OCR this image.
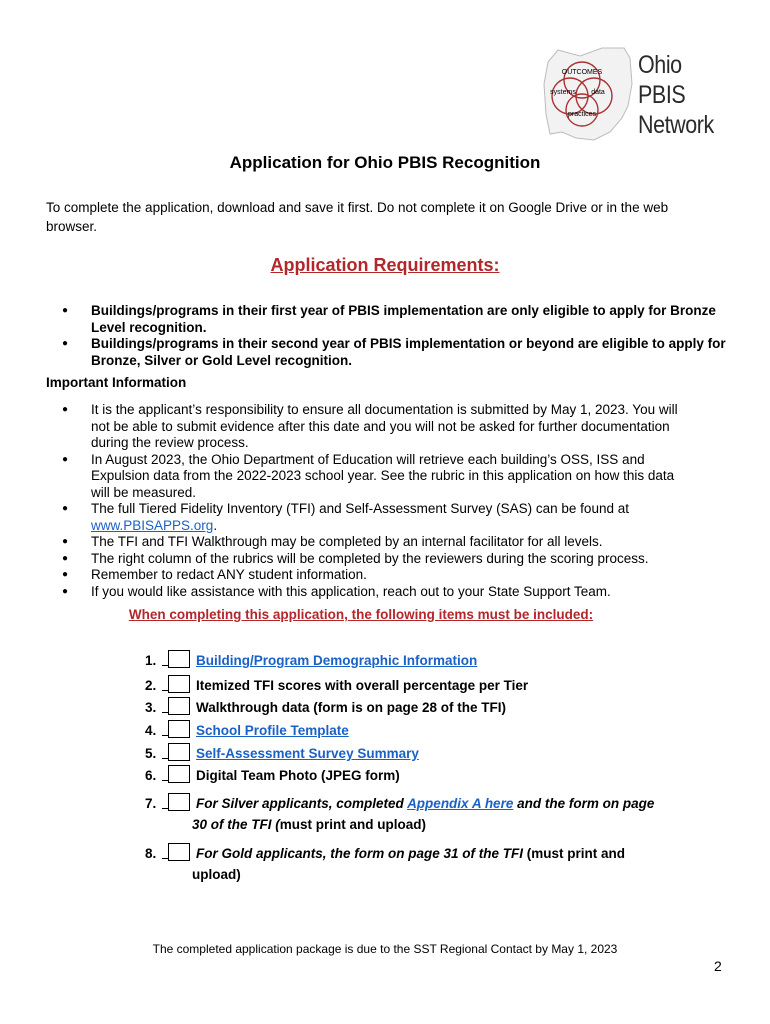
OUTCOMES
systems data
practices
Ohio
PBIS
Network
Application for Ohio PBIS Recognition
To complete the application, download and save it first. Do not complete it on Google Drive or in the web browser.
Application Requirements:
● Buildings/programs in their first year of PBIS implementation are only eligible to apply for Bronze Level recognition.
● Buildings/programs in their second year of PBIS implementation or beyond are eligible to apply for Bronze, Silver or Gold Level recognition.
Important Information
● It is the applicant’s responsibility to ensure all documentation is submitted by May 1, 2023. You will not be able to submit evidence after this date and you will not be asked for further documentation during the review process.
● In August 2023, the Ohio Department of Education will retrieve each building’s OSS, ISS and Expulsion data from the 2022-2023 school year. See the rubric in this application on how this data will be measured.
● The full Tiered Fidelity Inventory (TFI) and Self-Assessment Survey (SAS) can be found at www.PBISAPPS.org.
● The TFI and TFI Walkthrough may be completed by an internal facilitator for all levels.
● The right column of the rubrics will be completed by the reviewers during the scoring process.
● Remember to redact ANY student information.
● If you would like assistance with this application, reach out to your State Support Team.
When completing this application, the following items must be included:
1.	Building/Program Demographic Information
2.	Itemized TFI scores with overall percentage per Tier
3.	Walkthrough data (form is on page 28 of the TFI)
4.	School Profile Template
5.	Self-Assessment Survey Summary
6.	Digital Team Photo (JPEG form)
7.	For Silver applicants, completed Appendix A here and the form on page
30 of the TFI (must print and upload)
8.	For Gold applicants, the form on page 31 of the TFI (must print and
upload)
The completed application package is due to the SST Regional Contact by May 1, 2023
2
